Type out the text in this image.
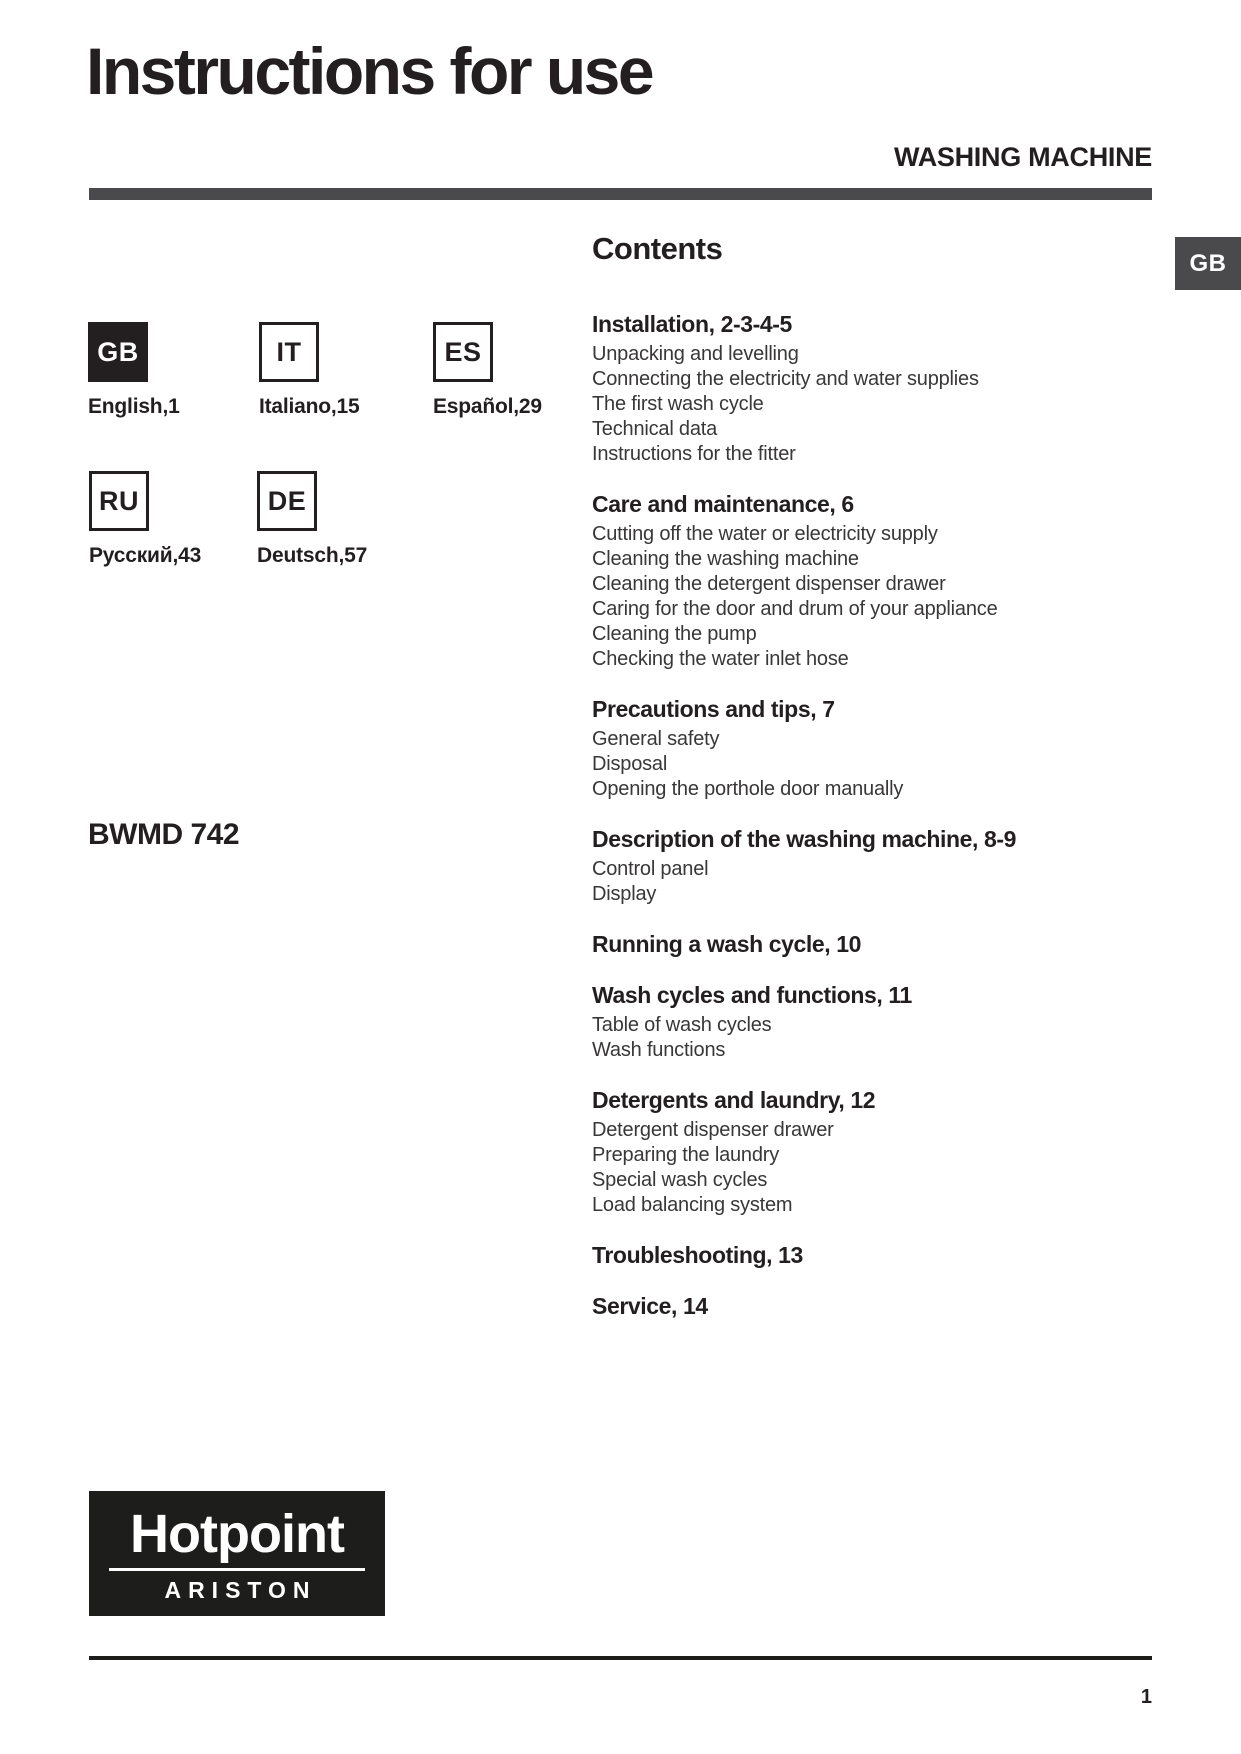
Instructions for use
WASHING MACHINE
GB
GB
English,1
IT
Italiano,15
ES
Español,29
RU
Русский,43
DE
Deutsch,57
BWMD 742
Contents
Installation, 2-3-4-5
Unpacking and levelling
Connecting the electricity and water supplies
The first wash cycle
Technical data
Instructions for the fitter
Care and maintenance, 6
Cutting off the water or electricity supply
Cleaning the washing machine
Cleaning the detergent dispenser drawer
Caring for the door and drum of your appliance
Cleaning the pump
Checking the water inlet hose
Precautions and tips, 7
General safety
Disposal
Opening the porthole door manually
Description of the washing machine, 8-9
Control panel
Display
Running a wash cycle, 10
Wash cycles and functions, 11
Table of wash cycles
Wash functions
Detergents and laundry, 12
Detergent dispenser drawer
Preparing the laundry
Special wash cycles
Load balancing system
Troubleshooting, 13
Service, 14
Hotpoint
ARISTON
1
